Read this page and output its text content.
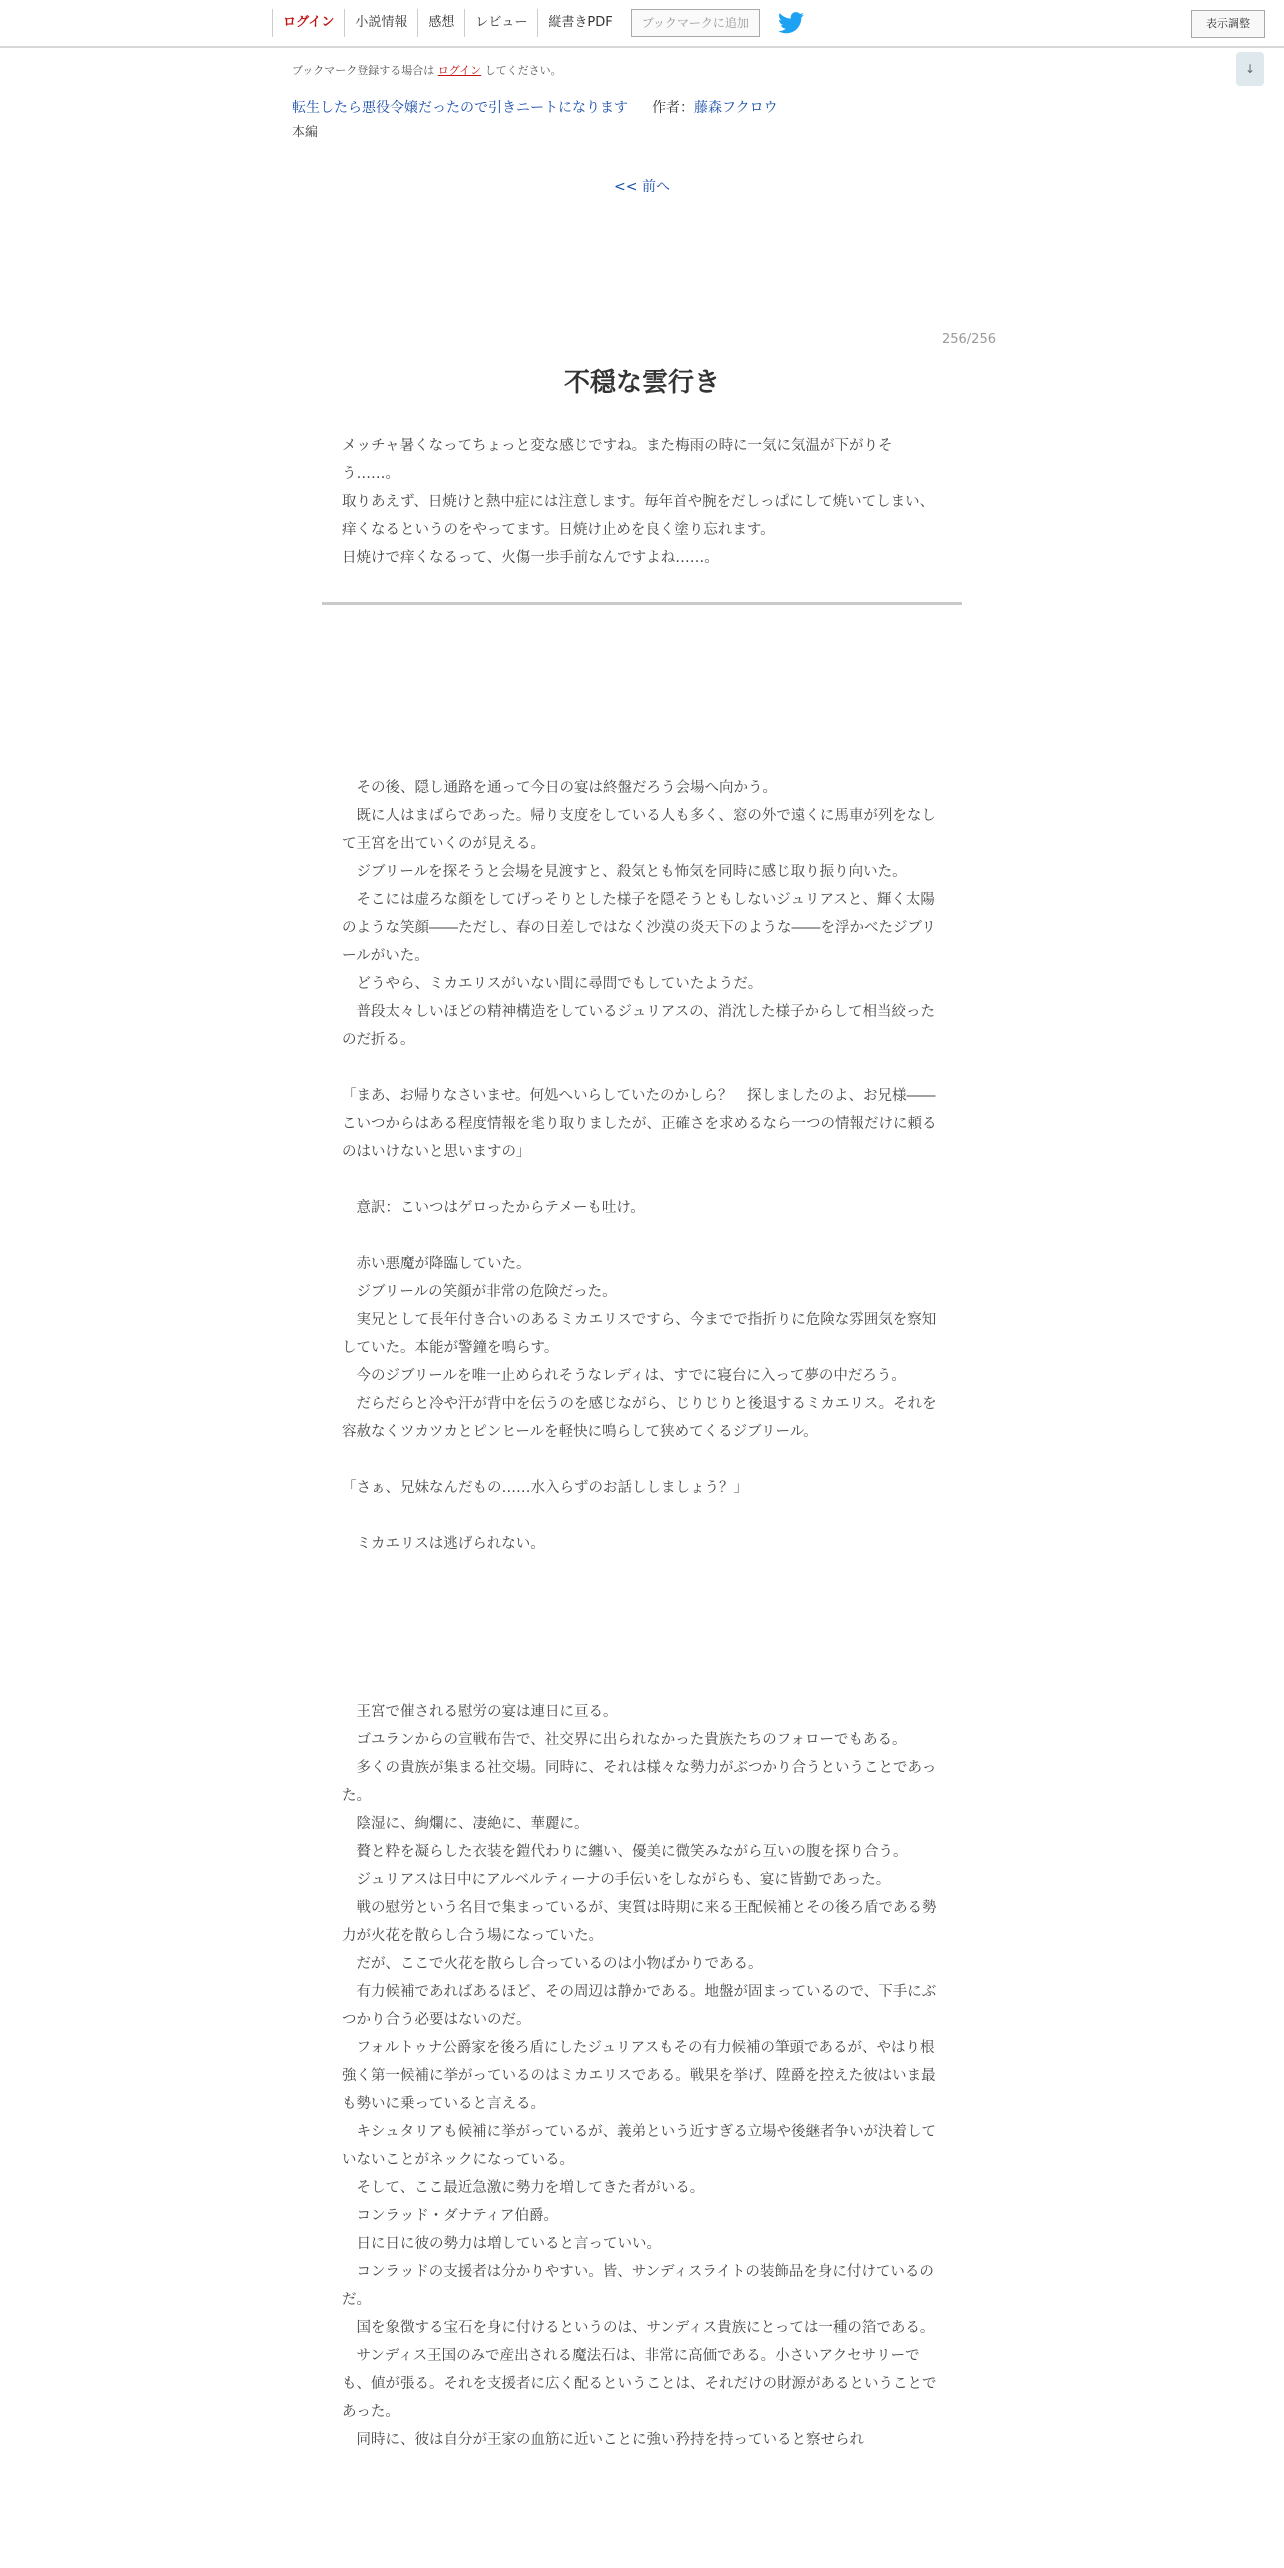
ログイン	小説情報	感想	レビュー	縦書きPDF	ブックマークに追加	表示調整
↓
ブックマーク登録する場合は ログイン してください。
転生したら悪役令嬢だったので引きニートになります 作者：藤森フクロウ
本編
<< 前へ
256/256
不穏な雲行き

メッチャ暑くなってちょっと変な感じですね。また梅雨の時に一気に気温が下がりそう……。

取りあえず、日焼けと熱中症には注意します。毎年首や腕をだしっぱにして焼いてしまい、痒くなるというのをやってます。日焼け止めを良く塗り忘れます。

日焼けで痒くなるって、火傷一歩手前なんですよね……。

　その後、隠し通路を通って今日の宴は終盤だろう会場へ向かう。

　既に人はまばらであった。帰り支度をしている人も多く、窓の外で遠くに馬車が列をなして王宮を出ていくのが見える。

　ジブリールを探そうと会場を見渡すと、殺気とも怖気を同時に感じ取り振り向いた。

　そこには虚ろな顔をしてげっそりとした様子を隠そうともしないジュリアスと、輝く太陽のような笑顔――ただし、春の日差しではなく沙漠の炎天下のような――を浮かべたジブリールがいた。

　どうやら、ミカエリスがいない間に尋問でもしていたようだ。

　普段太々しいほどの精神構造をしているジュリアスの、消沈した様子からして相当絞ったのだ折る。

「まあ、お帰りなさいませ。何処へいらしていたのかしら？　探しましたのよ、お兄様――こいつからはある程度情報を毟り取りましたが、正確さを求めるなら一つの情報だけに頼るのはいけないと思いますの」

　意訳：こいつはゲロったからテメーも吐け。

　赤い悪魔が降臨していた。

　ジブリールの笑顔が非常の危険だった。

　実兄として長年付き合いのあるミカエリスですら、今までで指折りに危険な雰囲気を察知していた。本能が警鐘を鳴らす。

　今のジブリールを唯一止められそうなレディは、すでに寝台に入って夢の中だろう。

　だらだらと冷や汗が背中を伝うのを感じながら、じりじりと後退するミカエリス。それを容赦なくツカツカとピンヒールを軽快に鳴らして狭めてくるジブリール。

「さぁ、兄妹なんだもの……水入らずのお話ししましょう？」

　ミカエリスは逃げられない。

　王宮で催される慰労の宴は連日に亘る。

　ゴユランからの宣戦布告で、社交界に出られなかった貴族たちのフォローでもある。

　多くの貴族が集まる社交場。同時に、それは様々な勢力がぶつかり合うということであった。

　陰湿に、絢爛に、凄絶に、華麗に。

　贅と粋を凝らした衣装を鎧代わりに纏い、優美に微笑みながら互いの腹を探り合う。

　ジュリアスは日中にアルベルティーナの手伝いをしながらも、宴に皆勤であった。

　戦の慰労という名目で集まっているが、実質は時期に来る王配候補とその後ろ盾である勢力が火花を散らし合う場になっていた。

　だが、ここで火花を散らし合っているのは小物ばかりである。

　有力候補であればあるほど、その周辺は静かである。地盤が固まっているので、下手にぶつかり合う必要はないのだ。

　フォルトゥナ公爵家を後ろ盾にしたジュリアスもその有力候補の筆頭であるが、やはり根強く第一候補に挙がっているのはミカエリスである。戦果を挙げ、陞爵を控えた彼はいま最も勢いに乗っていると言える。

　キシュタリアも候補に挙がっているが、義弟という近すぎる立場や後継者争いが決着していないことがネックになっている。

　そして、ここ最近急激に勢力を増してきた者がいる。

　コンラッド・ダナティア伯爵。

　日に日に彼の勢力は増していると言っていい。

　コンラッドの支援者は分かりやすい。皆、サンディスライトの装飾品を身に付けているのだ。

　国を象徴する宝石を身に付けるというのは、サンディス貴族にとっては一種の箔である。

　サンディス王国のみで産出される魔法石は、非常に高価である。小さいアクセサリーでも、値が張る。それを支援者に広く配るということは、それだけの財源があるということであった。

　同時に、彼は自分が王家の血筋に近いことに強い矜持を持っていると察せられ
